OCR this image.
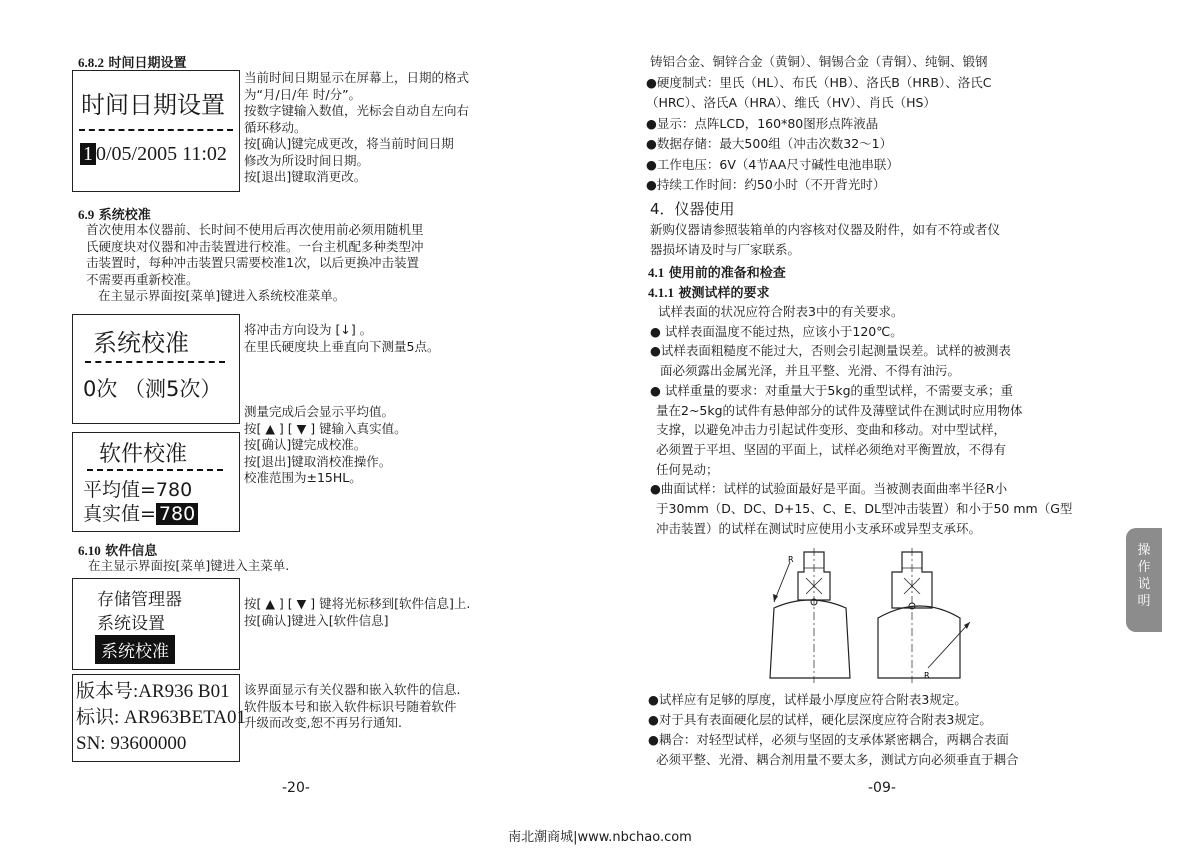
6.8.2 时间日期设置
时间日期设置
1 0/05/2005 11:02
当前时间日期显示在屏幕上，日期的格式
为“月/日/年 时/分”。
按数字键输入数值，光标会自动自左向右
循环移动。
按[确认]键完成更改，将当前时间日期
修改为所设时间日期。
按[退出]键取消更改。
6.9 系统校准
首次使用本仪器前、长时间不使用后再次使用前必须用随机里
氏硬度块对仪器和冲击装置进行校准。一台主机配多种类型冲
击装置时，每种冲击装置只需要校准1次，以后更换冲击装置
不需要再重新校准。
在主显示界面按[菜单]键进入系统校准菜单。
系统校准
0次 （测5次）
将冲击方向设为 [↓] 。
在里氏硬度块上垂直向下测量5点。
软件校准
平均值=780
真实值= 780
测量完成后会显示平均值。
按[ ▲ ] [ ▼ ] 键输入真实值。
按[确认]键完成校准。
按[退出]键取消校准操作。
校准范围为±15HL。
6.10 软件信息
在主显示界面按[菜单]键进入主菜单.
存储管理器
系统设置
系统校准
按[ ▲ ] [ ▼ ] 键将光标移到[软件信息]上.
按[确认]键进入[软件信息]
版本号:AR936 B01
标识: AR963BETA01
SN: 93600000
该界面显示有关仪器和嵌入软件的信息.
软件版本号和嵌入软件标识号随着软件
升级而改变,恕不再另行通知.
-20-
铸铝合金、铜锌合金（黄铜）、铜锡合金（青铜）、纯铜、锻钢
●硬度制式：里氏（HL）、布氏（HB）、洛氏B（HRB）、洛氏C
（HRC）、洛氏A（HRA）、维氏（HV）、肖氏（HS）
●显示：点阵LCD，160*80图形点阵液晶
●数据存储：最大500组（冲击次数32～1）
●工作电压：6V（4节AA尺寸碱性电池串联）
●持续工作时间：约50小时（不开背光时）
4．仪器使用
新购仪器请参照装箱单的内容核对仪器及附件，如有不符或者仪
器损坏请及时与厂家联系。
4.1 使用前的准备和检查
4.1.1 被测试样的要求
试样表面的状况应符合附表3中的有关要求。
● 试样表面温度不能过热，应该小于120℃。
●试样表面粗糙度不能过大，否则会引起测量误差。试样的被测表
面必须露出金属光泽，并且平整、光滑、不得有油污。
● 试样重量的要求：对重量大于5kg的重型试样，不需要支承；重
量在2~5kg的试件有悬伸部分的试件及薄壁试件在测试时应用物体
支撑，以避免冲击力引起试件变形、变曲和移动。对中型试样，
必须置于平坦、坚固的平面上，试样必须绝对平衡置放，不得有
任何晃动；
●曲面试样：试样的试验面最好是平面。当被测表面曲率半径R小
于30mm（D、DC、D+15、C、E、DL型冲击装置）和小于50 mm（G型
冲击装置）的试样在测试时应使用小支承环或异型支承环。
R
R
●试样应有足够的厚度，试样最小厚度应符合附表3规定。
●对于具有表面硬化层的试样，硬化层深度应符合附表3规定。
●耦合：对轻型试样，必须与坚固的支承体紧密耦合，两耦合表面
必须平整、光滑、耦合剂用量不要太多，测试方向必须垂直于耦合
操
作
说
明
-09-
南北潮商城|www.nbchao.com
